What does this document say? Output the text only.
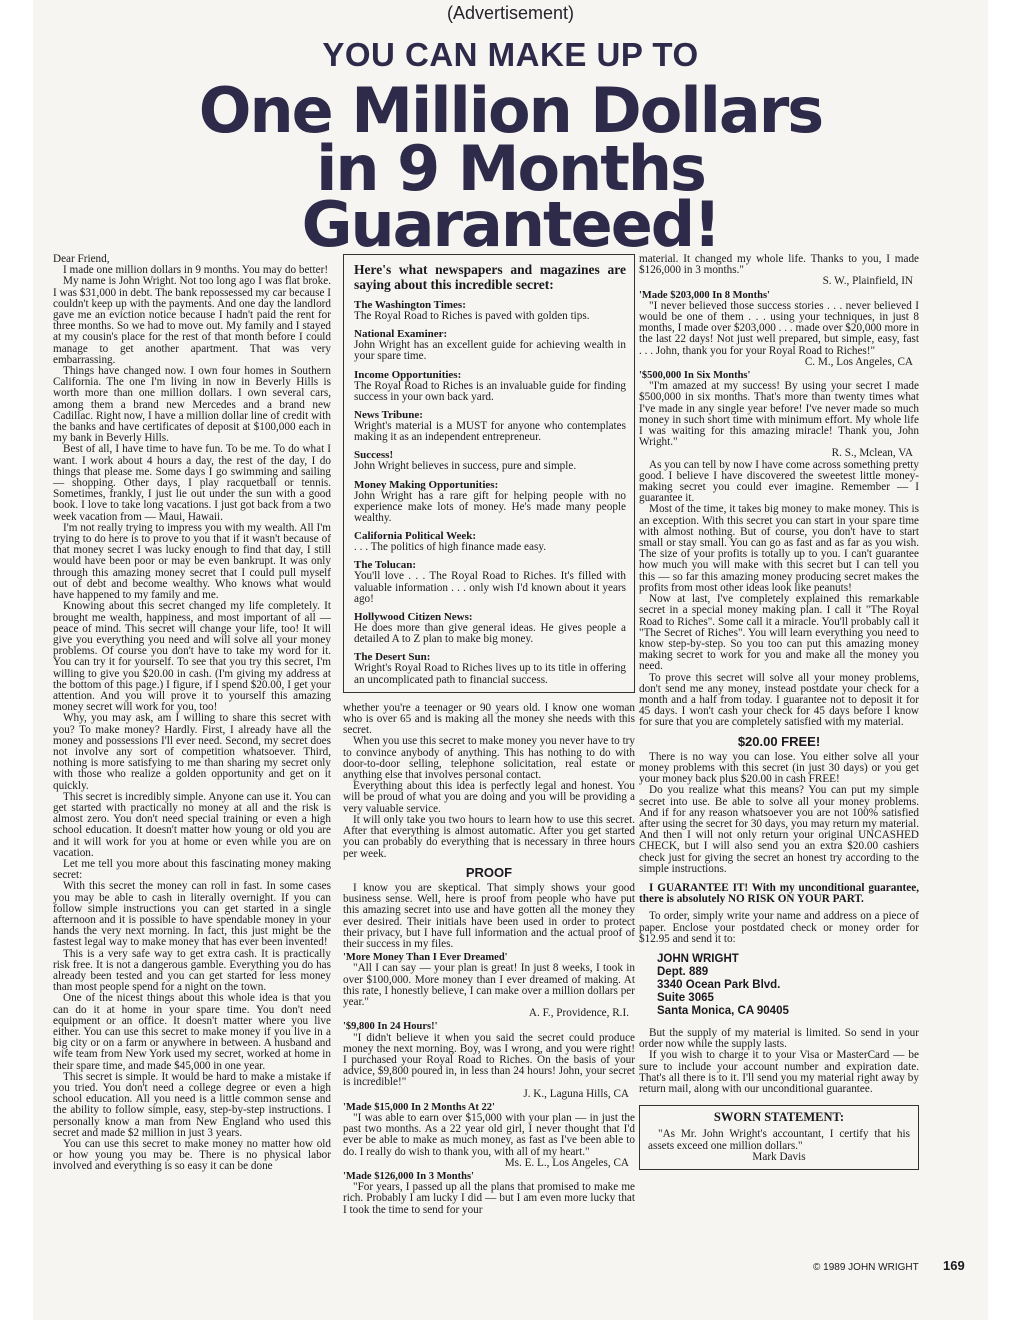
(Advertisement)
YOU CAN MAKE UP TO
One Million Dollars
in 9 Months
Guaranteed!

Dear Friend,

I made one million dollars in 9 months. You may do better!

My name is John Wright. Not too long ago I was flat broke. I was $31,000 in debt. The bank repossessed my car because I couldn't keep up with the payments. And one day the landlord gave me an eviction notice because I hadn't paid the rent for three months. So we had to move out. My family and I stayed at my cousin's place for the rest of that month before I could manage to get another apartment. That was very embarrassing.

Things have changed now. I own four homes in Southern California. The one I'm living in now in Beverly Hills is worth more than one million dollars. I own several cars, among them a brand new Mercedes and a brand new Cadillac. Right now, I have a million dollar line of credit with the banks and have certificates of deposit at $100,000 each in my bank in Beverly Hills.

Best of all, I have time to have fun. To be me. To do what I want. I work about 4 hours a day, the rest of the day, I do things that please me. Some days I go swimming and sailing — shopping. Other days, I play racquetball or tennis. Sometimes, frankly, I just lie out under the sun with a good book. I love to take long vacations. I just got back from a two week vacation from — Maui, Hawaii.

I'm not really trying to impress you with my wealth. All I'm trying to do here is to prove to you that if it wasn't because of that money secret I was lucky enough to find that day, I still would have been poor or may be even bankrupt. It was only through this amazing money secret that I could pull myself out of debt and become wealthy. Who knows what would have happened to my family and me.

Knowing about this secret changed my life completely. It brought me wealth, happiness, and most important of all — peace of mind. This secret will change your life, too! It will give you everything you need and will solve all your money problems. Of course you don't have to take my word for it. You can try it for yourself. To see that you try this secret, I'm willing to give you $20.00 in cash. (I'm giving my address at the bottom of this page.) I figure, if I spend $20.00, I get your attention. And you will prove it to yourself this amazing money secret will work for you, too!

Why, you may ask, am I willing to share this secret with you? To make money? Hardly. First, I already have all the money and possessions I'll ever need. Second, my secret does not involve any sort of competition whatsoever. Third, nothing is more satisfying to me than sharing my secret only with those who realize a golden opportunity and get on it quickly.

This secret is incredibly simple. Anyone can use it. You can get started with practically no money at all and the risk is almost zero. You don't need special training or even a high school education. It doesn't matter how young or old you are and it will work for you at home or even while you are on vacation.

Let me tell you more about this fascinating money making secret:

With this secret the money can roll in fast. In some cases you may be able to cash in literally overnight. If you can follow simple instructions you can get started in a single afternoon and it is possible to have spendable money in your hands the very next morning. In fact, this just might be the fastest legal way to make money that has ever been invented!

This is a very safe way to get extra cash. It is practically risk free. It is not a dangerous gamble. Everything you do has already been tested and you can get started for less money than most people spend for a night on the town.

One of the nicest things about this whole idea is that you can do it at home in your spare time. You don't need equipment or an office. It doesn't matter where you live either. You can use this secret to make money if you live in a big city or on a farm or anywhere in between. A husband and wife team from New York used my secret, worked at home in their spare time, and made $45,000 in one year.

This secret is simple. It would be hard to make a mistake if you tried. You don't need a college degree or even a high school education. All you need is a little common sense and the ability to follow simple, easy, step-by-step instructions. I personally know a man from New England who used this secret and made $2 million in just 3 years.

You can use this secret to make money no matter how old or how young you may be. There is no physical labor involved and everything is so easy it can be done

Here's what newspapers and magazines are saying about this incredible secret:
The Washington Times:
The Royal Road to Riches is paved with golden tips.
National Examiner:
John Wright has an excellent guide for achieving wealth in your spare time.
Income Opportunities:
The Royal Road to Riches is an invaluable guide for finding success in your own back yard.
News Tribune:
Wright's material is a MUST for anyone who contemplates making it as an independent entrepreneur.
Success!
John Wright believes in success, pure and simple.
Money Making Opportunities:
John Wright has a rare gift for helping people with no experience make lots of money. He's made many people wealthy.
California Political Week:
. . . The politics of high finance made easy.
The Tolucan:
You'll love . . . The Royal Road to Riches. It's filled with valuable information . . . only wish I'd known about it years ago!
Hollywood Citizen News:
He does more than give general ideas. He gives people a detailed A to Z plan to make big money.
The Desert Sun:
Wright's Royal Road to Riches lives up to its title in offering an uncomplicated path to financial success.

whether you're a teenager or 90 years old. I know one woman who is over 65 and is making all the money she needs with this secret.

When you use this secret to make money you never have to try to convince anybody of anything. This has nothing to do with door-to-door selling, telephone solicitation, real estate or anything else that involves personal contact.

Everything about this idea is perfectly legal and honest. You will be proud of what you are doing and you will be providing a very valuable service.

It will only take you two hours to learn how to use this secret. After that everything is almost automatic. After you get started you can probably do everything that is necessary in three hours per week.

PROOF

I know you are skeptical. That simply shows your good business sense. Well, here is proof from people who have put this amazing secret into use and have gotten all the money they ever desired. Their initials have been used in order to protect their privacy, but I have full information and the actual proof of their success in my files.

'More Money Than I Ever Dreamed'

"All I can say — your plan is great! In just 8 weeks, I took in over $100,000. More money than I ever dreamed of making. At this rate, I honestly believe, I can make over a million dollars per year."

A. F., Providence, R.I.
'$9,800 In 24 Hours!'

"I didn't believe it when you said the secret could produce money the next morning. Boy, was I wrong, and you were right! I purchased your Royal Road to Riches. On the basis of your advice, $9,800 poured in, in less than 24 hours! John, your secret is incredible!"

J. K., Laguna Hills, CA
'Made $15,000 In 2 Months At 22'

"I was able to earn over $15,000 with your plan — in just the past two months. As a 22 year old girl, I never thought that I'd ever be able to make as much money, as fast as I've been able to do. I really do wish to thank you, with all of my heart."

Ms. E. L., Los Angeles, CA
'Made $126,000 In 3 Months'

"For years, I passed up all the plans that promised to make me rich. Probably I am lucky I did — but I am even more lucky that I took the time to send for your

material. It changed my whole life. Thanks to you, I made $126,000 in 3 months."

S. W., Plainfield, IN
'Made $203,000 In 8 Months'

"I never believed those success stories . . . never believed I would be one of them . . . using your techniques, in just 8 months, I made over $203,000 . . . made over $20,000 more in the last 22 days! Not just well prepared, but simple, easy, fast . . . John, thank you for your Royal Road to Riches!"

C. M., Los Angeles, CA
'$500,000 In Six Months'

"I'm amazed at my success! By using your secret I made $500,000 in six months. That's more than twenty times what I've made in any single year before! I've never made so much money in such short time with minimum effort. My whole life I was waiting for this amazing miracle! Thank you, John Wright."

R. S., Mclean, VA

As you can tell by now I have come across something pretty good. I believe I have discovered the sweetest little money-making secret you could ever imagine. Remember — I guarantee it.

Most of the time, it takes big money to make money. This is an exception. With this secret you can start in your spare time with almost nothing. But of course, you don't have to start small or stay small. You can go as fast and as far as you wish. The size of your profits is totally up to you. I can't guarantee how much you will make with this secret but I can tell you this — so far this amazing money producing secret makes the profits from most other ideas look like peanuts!

Now at last, I've completely explained this remarkable secret in a special money making plan. I call it "The Royal Road to Riches". Some call it a miracle. You'll probably call it "The Secret of Riches". You will learn everything you need to know step-by-step. So you too can put this amazing money making secret to work for you and make all the money you need.

To prove this secret will solve all your money problems, don't send me any money, instead postdate your check for a month and a half from today. I guarantee not to deposit it for 45 days. I won't cash your check for 45 days before I know for sure that you are completely satisfied with my material.

$20.00 FREE!

There is no way you can lose. You either solve all your money problems with this secret (in just 30 days) or you get your money back plus $20.00 in cash FREE!

Do you realize what this means? You can put my simple secret into use. Be able to solve all your money problems. And if for any reason whatsoever you are not 100% satisfied after using the secret for 30 days, you may return my material. And then I will not only return your original UNCASHED CHECK, but I will also send you an extra $20.00 cashiers check just for giving the secret an honest try according to the simple instructions.

I GUARANTEE IT! With my unconditional guarantee, there is absolutely NO RISK ON YOUR PART.

To order, simply write your name and address on a piece of paper. Enclose your postdated check or money order for $12.95 and send it to:

JOHN WRIGHT
Dept. 889
3340 Ocean Park Blvd.
Suite 3065
Santa Monica, CA 90405

But the supply of my material is limited. So send in your order now while the supply lasts.

If you wish to charge it to your Visa or MasterCard — be sure to include your account number and expiration date. That's all there is to it. I'll send you my material right away by return mail, along with our unconditional guarantee.

SWORN STATEMENT:

"As Mr. John Wright's accountant, I certify that his assets exceed one million dollars."

Mark Davis
© 1989 JOHN WRIGHT 169
